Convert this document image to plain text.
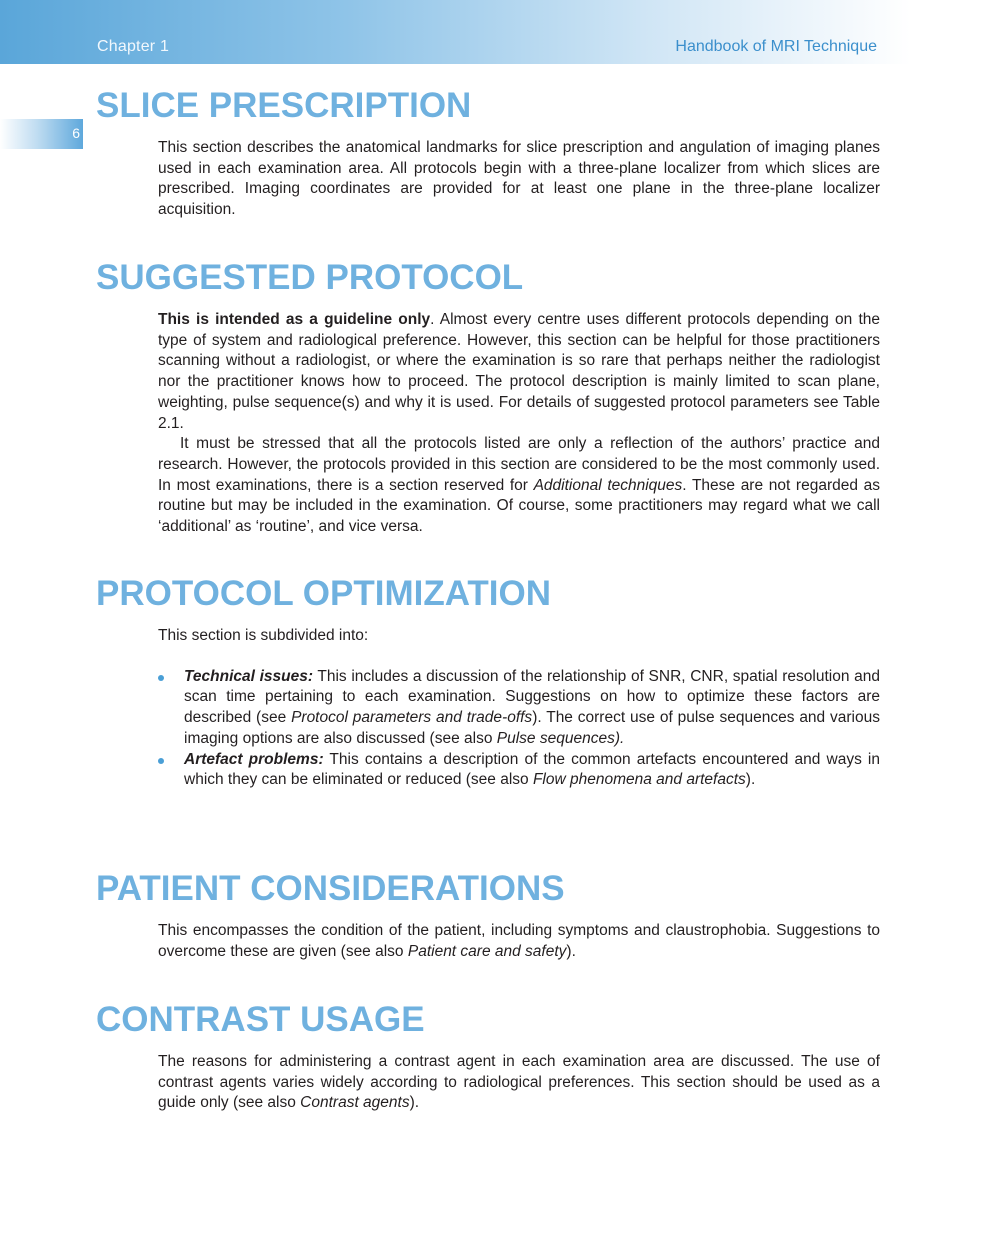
Chapter 1	Handbook of MRI Technique
6
SLICE PRESCRIPTION

This section describes the anatomical landmarks for slice prescription and angulation of imaging planes used in each examination area. All protocols begin with a three-plane localizer from which slices are prescribed. Imaging coordinates are provided for at least one plane in the three-plane localizer acquisition.

SUGGESTED PROTOCOL

This is intended as a guideline only. Almost every centre uses different protocols depending on the type of system and radiological preference. However, this section can be helpful for those practitioners scanning without a radiologist, or where the examination is so rare that perhaps neither the radiologist nor the practitioner knows how to proceed. The protocol description is mainly limited to scan plane, weighting, pulse sequence(s) and why it is used. For details of suggested protocol parameters see Table 2.1.

It must be stressed that all the protocols listed are only a reflection of the authors’ practice and research. However, the protocols provided in this section are considered to be the most commonly used. In most examinations, there is a section reserved for Additional techniques. These are not regarded as routine but may be included in the examination. Of course, some practitioners may regard what we call ‘additional’ as ‘routine’, and vice versa.

PROTOCOL OPTIMIZATION

This section is subdivided into:

Technical issues: This includes a discussion of the relationship of SNR, CNR, spatial resolution and scan time pertaining to each examination. Suggestions on how to optimize these factors are described (see Protocol parameters and trade-offs). The correct use of pulse sequences and various imaging options are also discussed (see also Pulse sequences).
Artefact problems: This contains a description of the common artefacts encountered and ways in which they can be eliminated or reduced (see also Flow phenomena and artefacts).
PATIENT CONSIDERATIONS

This encompasses the condition of the patient, including symptoms and claustrophobia. Suggestions to overcome these are given (see also Patient care and safety).

CONTRAST USAGE

The reasons for administering a contrast agent in each examination area are discussed. The use of contrast agents varies widely according to radiological preferences. This section should be used as a guide only (see also Contrast agents).
